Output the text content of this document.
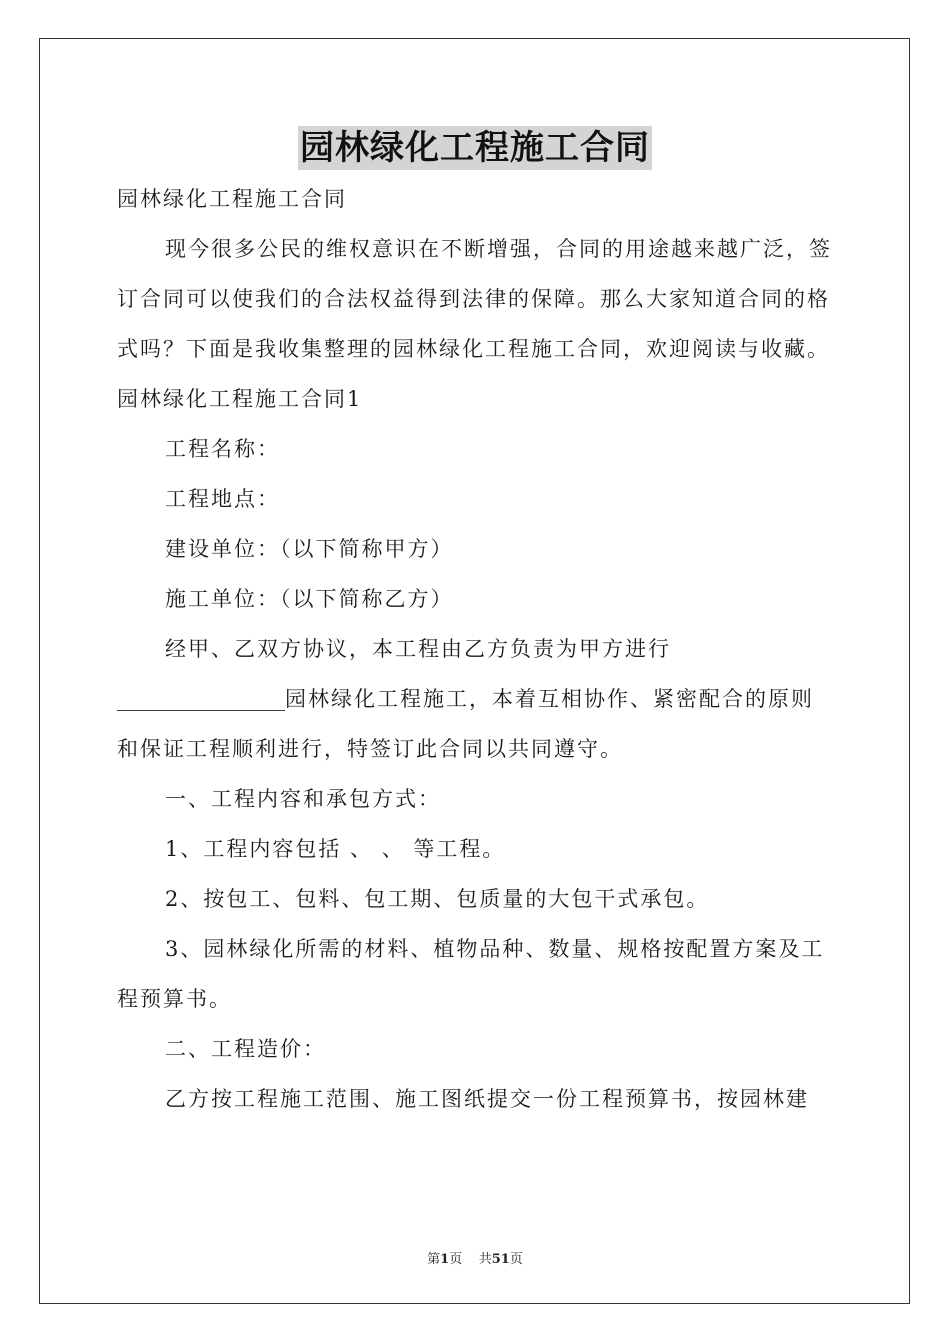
园林绿化工程施工合同

园林绿化工程施工合同

现今很多公民的维权意识在不断增强，合同的用途越来越广泛，签订合同可以使我们的合法权益得到法律的保障。那么大家知道合同的格式吗？下面是我收集整理的园林绿化工程施工合同，欢迎阅读与收藏。

园林绿化工程施工合同1

工程名称：

工程地点：

建设单位：（以下简称甲方）

施工单位：（以下简称乙方）

经甲、乙双方协议，本工程由乙方负责为甲方进行________________园林绿化工程施工，本着互相协作、紧密配合的原则和保证工程顺利进行，特签订此合同以共同遵守。

一、工程内容和承包方式：

1、工程内容包括 、 、 等工程。

2、按包工、包料、包工期、包质量的大包干式承包。

3、园林绿化所需的材料、植物品种、数量、规格按配置方案及工程预算书。

二、工程造价：

乙方按工程施工范围、施工图纸提交一份工程预算书，按园林建

第1页 共51页
